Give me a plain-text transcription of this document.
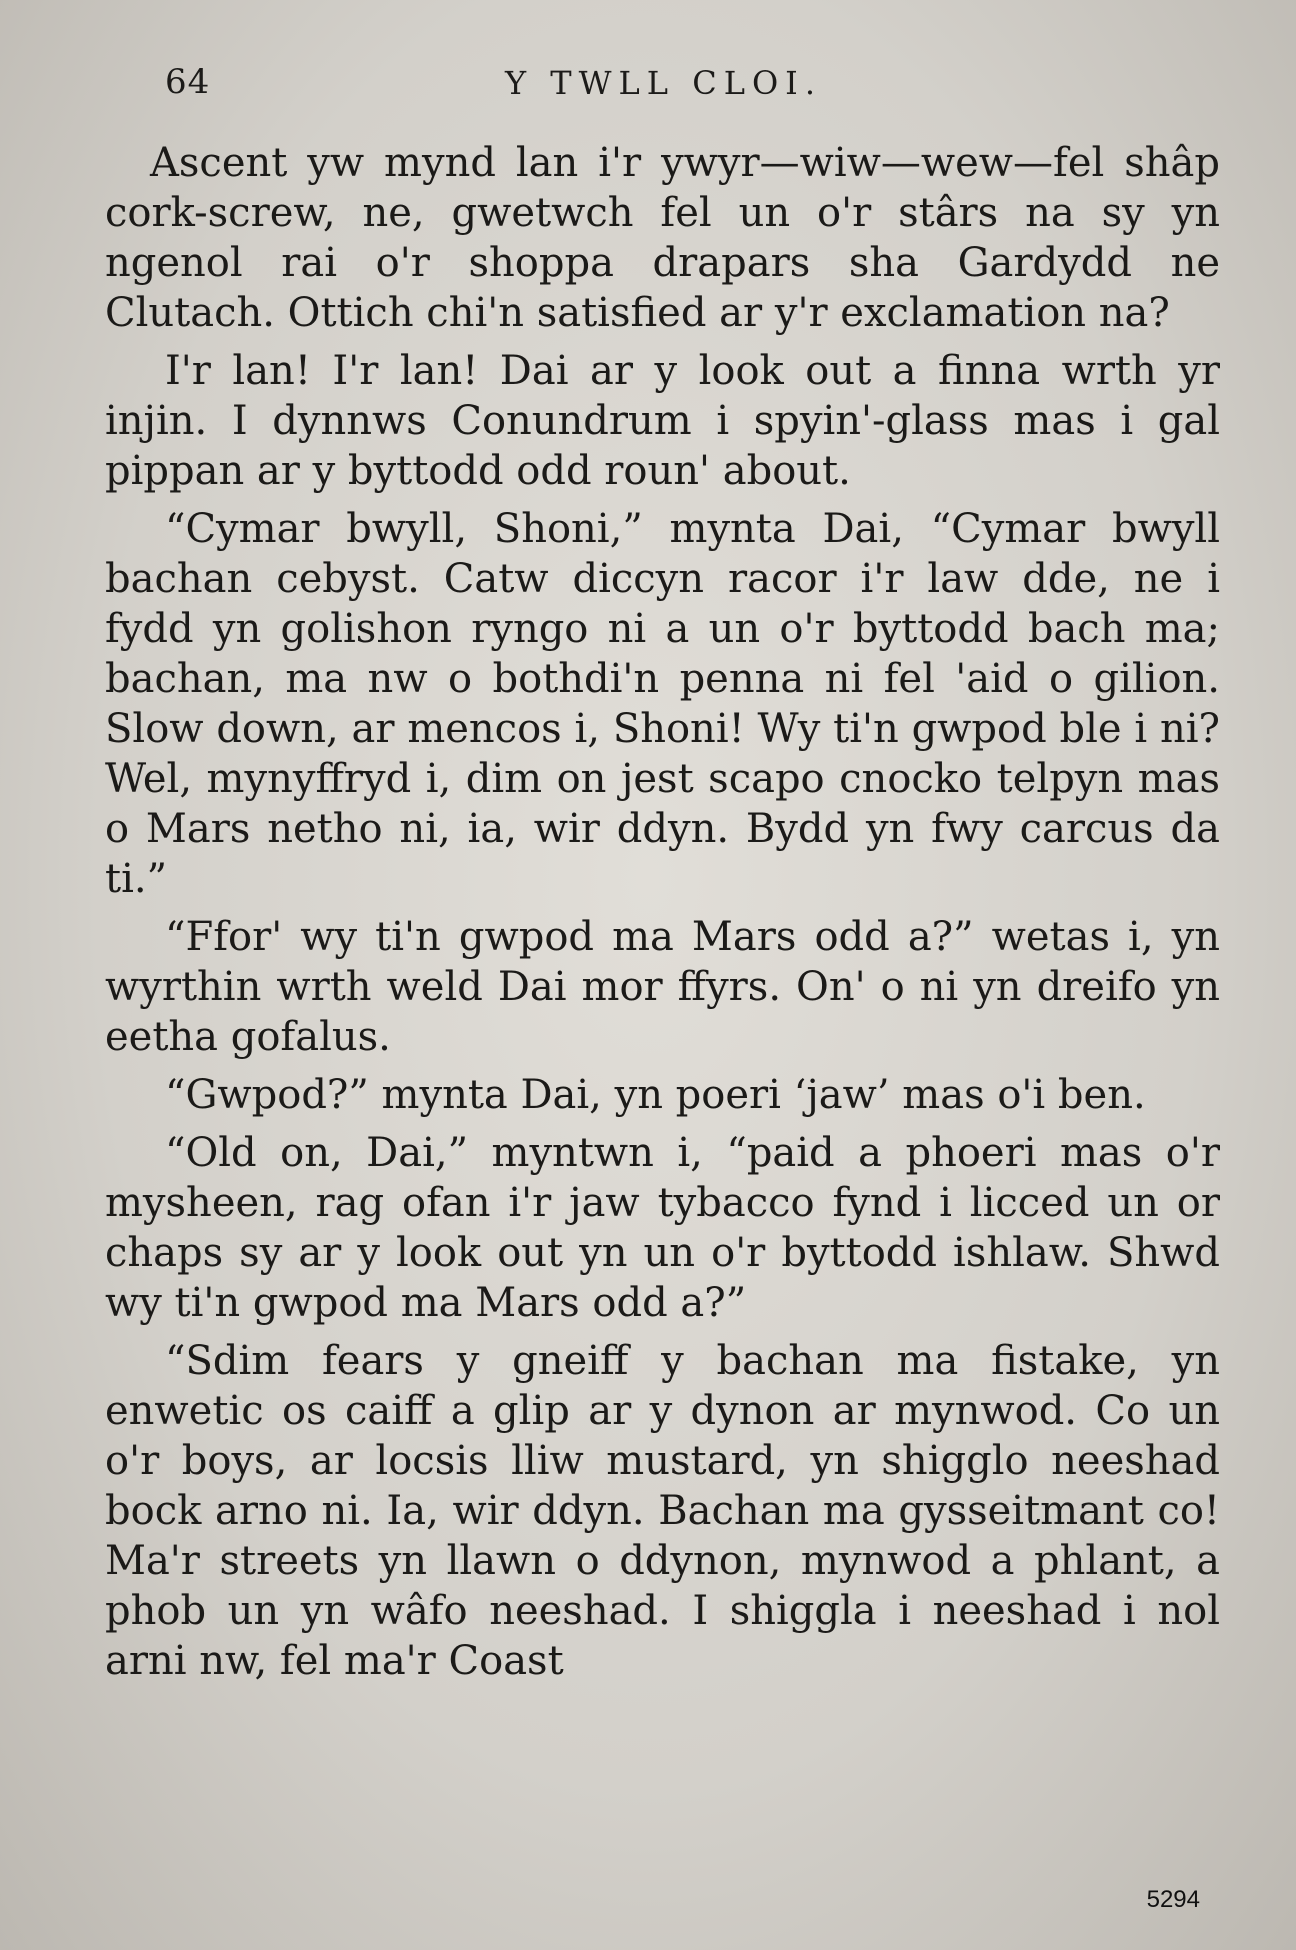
64	Y TWLL CLOI.

Ascent yw mynd lan i'r ywyr—wiw—wew—fel shâp cork-screw, ne, gwetwch fel un o'r stârs na sy yn ngenol rai o'r shoppa drapars sha Gardydd ne Clutach. Ottich chi'n satisfied ar y'r exclamation na?

I'r lan! I'r lan! Dai ar y look out a finna wrth yr injin. I dynnws Conundrum i spyin'-glass mas i gal pippan ar y byttodd odd roun' about.

“Cymar bwyll, Shoni,” mynta Dai, “Cymar bwyll bachan cebyst. Catw diccyn racor i'r law dde, ne i fydd yn golishon ryngo ni a un o'r byttodd bach ma; bachan, ma nw o bothdi'n penna ni fel 'aid o gilion. Slow down, ar mencos i, Shoni! Wy ti'n gwpod ble i ni? Wel, mynyffryd i, dim on jest scapo cnocko telpyn mas o Mars netho ni, ia, wir ddyn. Bydd yn fwy carcus da ti.”

“Ffor' wy ti'n gwpod ma Mars odd a?” wetas i, yn wyrthin wrth weld Dai mor ffyrs. On' o ni yn dreifo yn eetha gofalus.

“Gwpod?” mynta Dai, yn poeri ‘jaw’ mas o'i ben.

“Old on, Dai,” myntwn i, “paid a phoeri mas o'r mysheen, rag ofan i'r jaw tybacco fynd i licced un or chaps sy ar y look out yn un o'r byttodd ishlaw. Shwd wy ti'n gwpod ma Mars odd a?”

“Sdim fears y gneiff y bachan ma fistake, yn enwetic os caiff a glip ar y dynon ar mynwod. Co un o'r boys, ar locsis lliw mustard, yn shigglo neeshad bock arno ni. Ia, wir ddyn. Bachan ma gysseitmant co! Ma'r streets yn llawn o ddynon, mynwod a phlant, a phob un yn wâfo neeshad. I shiggla i neeshad i nol arni nw, fel ma'r Coast

5294
